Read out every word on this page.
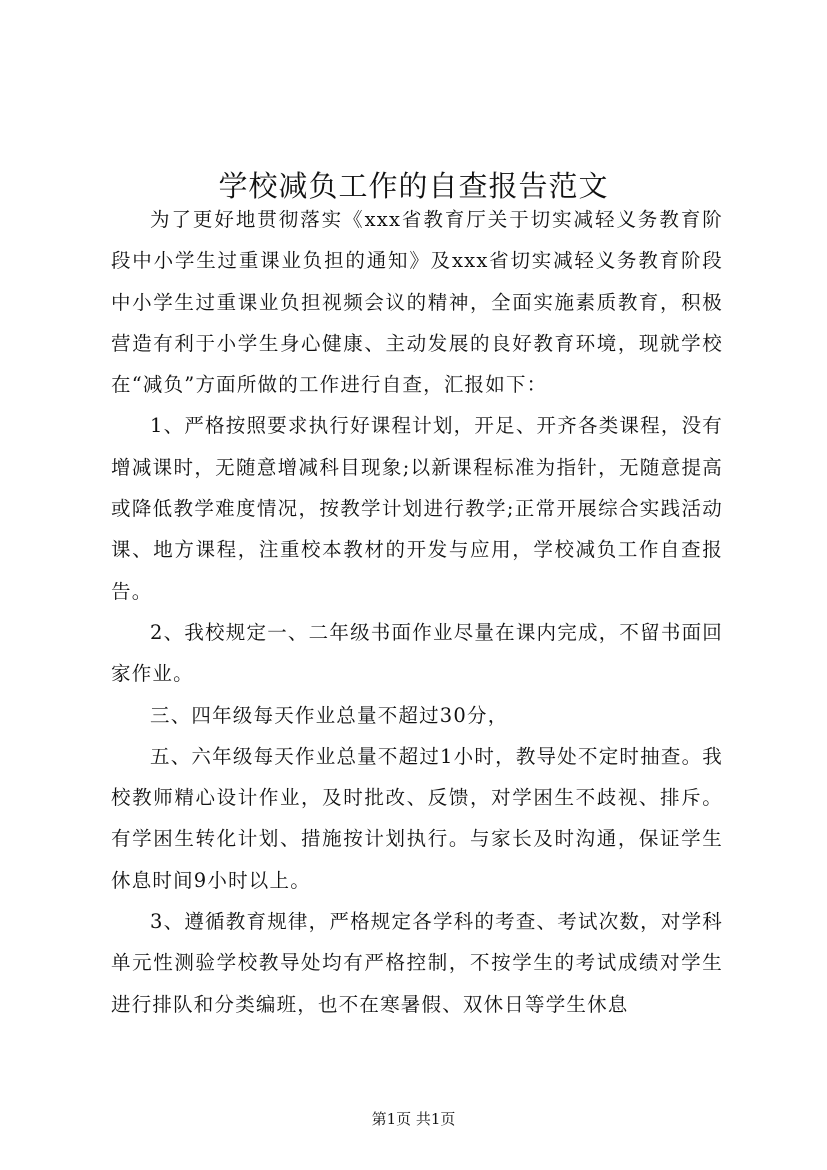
学校减负工作的自查报告范文

为了更好地贯彻落实《xxx省教育厅关于切实减轻义务教育阶段中小学生过重课业负担的通知》及xxx省切实减轻义务教育阶段中小学生过重课业负担视频会议的精神，全面实施素质教育，积极营造有利于小学生身心健康、主动发展的良好教育环境，现就学校在“减负”方面所做的工作进行自查，汇报如下：

1、严格按照要求执行好课程计划，开足、开齐各类课程，没有增减课时，无随意增减科目现象;以新课程标准为指针，无随意提高或降低教学难度情况，按教学计划进行教学;正常开展综合实践活动课、地方课程，注重校本教材的开发与应用，学校减负工作自查报告。

2、我校规定一、二年级书面作业尽量在课内完成，不留书面回家作业。

三、四年级每天作业总量不超过30分，

五、六年级每天作业总量不超过1小时，教导处不定时抽查。我校教师精心设计作业，及时批改、反馈，对学困生不歧视、排斥。有学困生转化计划、措施按计划执行。与家长及时沟通，保证学生休息时间9小时以上。

3、遵循教育规律，严格规定各学科的考查、考试次数，对学科单元性测验学校教导处均有严格控制，不按学生的考试成绩对学生进行排队和分类编班，也不在寒暑假、双休日等学生休息

第1页 共1页
